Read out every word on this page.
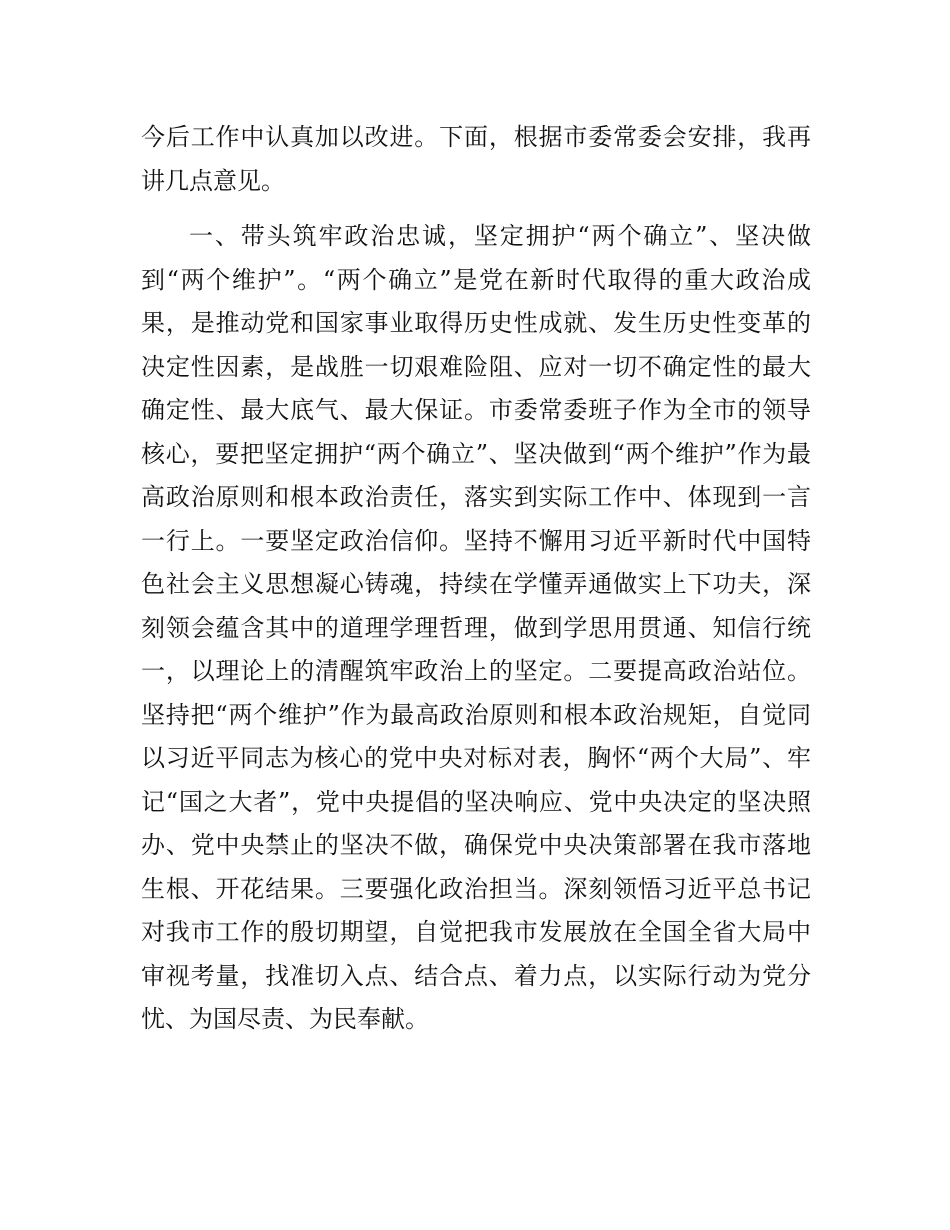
今后工作中认真加以改进。下面，根据市委常委会安排，我再讲几点意见。

一、带头筑牢政治忠诚，坚定拥护“两个确立”、坚决做到“两个维护”。“两个确立”是党在新时代取得的重大政治成果，是推动党和国家事业取得历史性成就、发生历史性变革的决定性因素，是战胜一切艰难险阻、应对一切不确定性的最大确定性、最大底气、最大保证。市委常委班子作为全市的领导核心，要把坚定拥护“两个确立”、坚决做到“两个维护”作为最高政治原则和根本政治责任，落实到实际工作中、体现到一言一行上。一要坚定政治信仰。坚持不懈用习近平新时代中国特色社会主义思想凝心铸魂，持续在学懂弄通做实上下功夫，深刻领会蕴含其中的道理学理哲理，做到学思用贯通、知信行统一，以理论上的清醒筑牢政治上的坚定。二要提高政治站位。坚持把“两个维护”作为最高政治原则和根本政治规矩，自觉同以习近平同志为核心的党中央对标对表，胸怀“两个大局”、牢记“国之大者”，党中央提倡的坚决响应、党中央决定的坚决照办、党中央禁止的坚决不做，确保党中央决策部署在我市落地生根、开花结果。三要强化政治担当。深刻领悟习近平总书记对我市工作的殷切期望，自觉把我市发展放在全国全省大局中审视考量，找准切入点、结合点、着力点，以实际行动为党分忧、为国尽责、为民奉献。
